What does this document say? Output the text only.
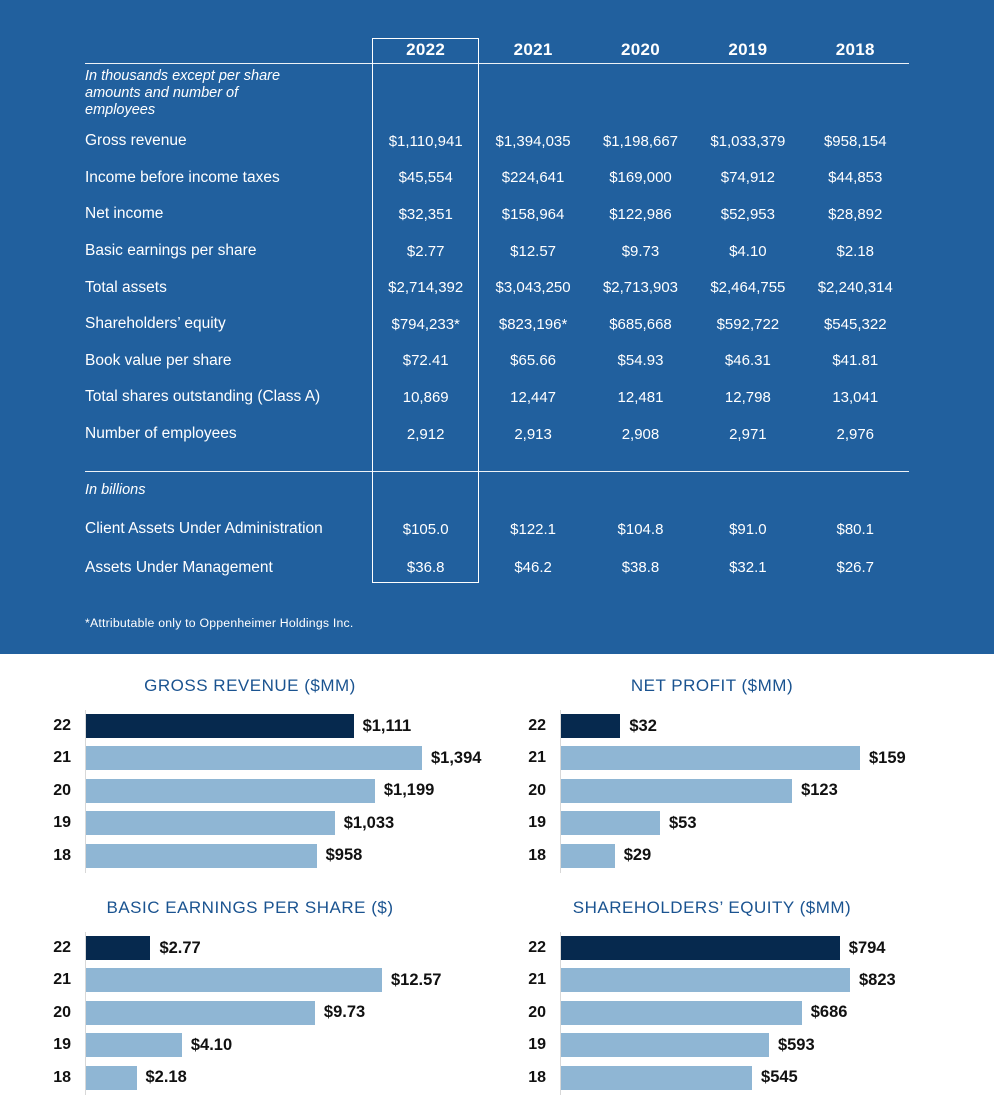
2022	2021	2020	2019	2018
In thousands except per share amounts and number of employees
Gross revenue	$1,110,941	$1,394,035	$1,198,667	$1,033,379	$958,154
Income before income taxes	$45,554	$224,641	$169,000	$74,912	$44,853
Net income	$32,351	$158,964	$122,986	$52,953	$28,892
Basic earnings per share	$2.77	$12.57	$9.73	$4.10	$2.18
Total assets	$2,714,392	$3,043,250	$2,713,903	$2,464,755	$2,240,314
Shareholders’ equity	$794,233*	$823,196*	$685,668	$592,722	$545,322
Book value per share	$72.41	$65.66	$54.93	$46.31	$41.81
Total shares outstanding (Class A)	10,869	12,447	12,481	12,798	13,041
Number of employees	2,912	2,913	2,908	2,971	2,976
In billions
Client Assets Under Administration	$105.0	$122.1	$104.8	$91.0	$80.1
Assets Under Management	$36.8	$46.2	$38.8	$32.1	$26.7
*Attributable only to Oppenheimer Holdings Inc.
GROSS REVENUE ($MM)
22	$1,111
21	$1,394
20	$1,199
19	$1,033
18	$958
NET PROFIT ($MM)
22	$32
21	$159
20	$123
19	$53
18	$29
BASIC EARNINGS PER SHARE ($)
22	$2.77
21	$12.57
20	$9.73
19	$4.10
18	$2.18
SHAREHOLDERS’ EQUITY ($MM)
22	$794
21	$823
20	$686
19	$593
18	$545
